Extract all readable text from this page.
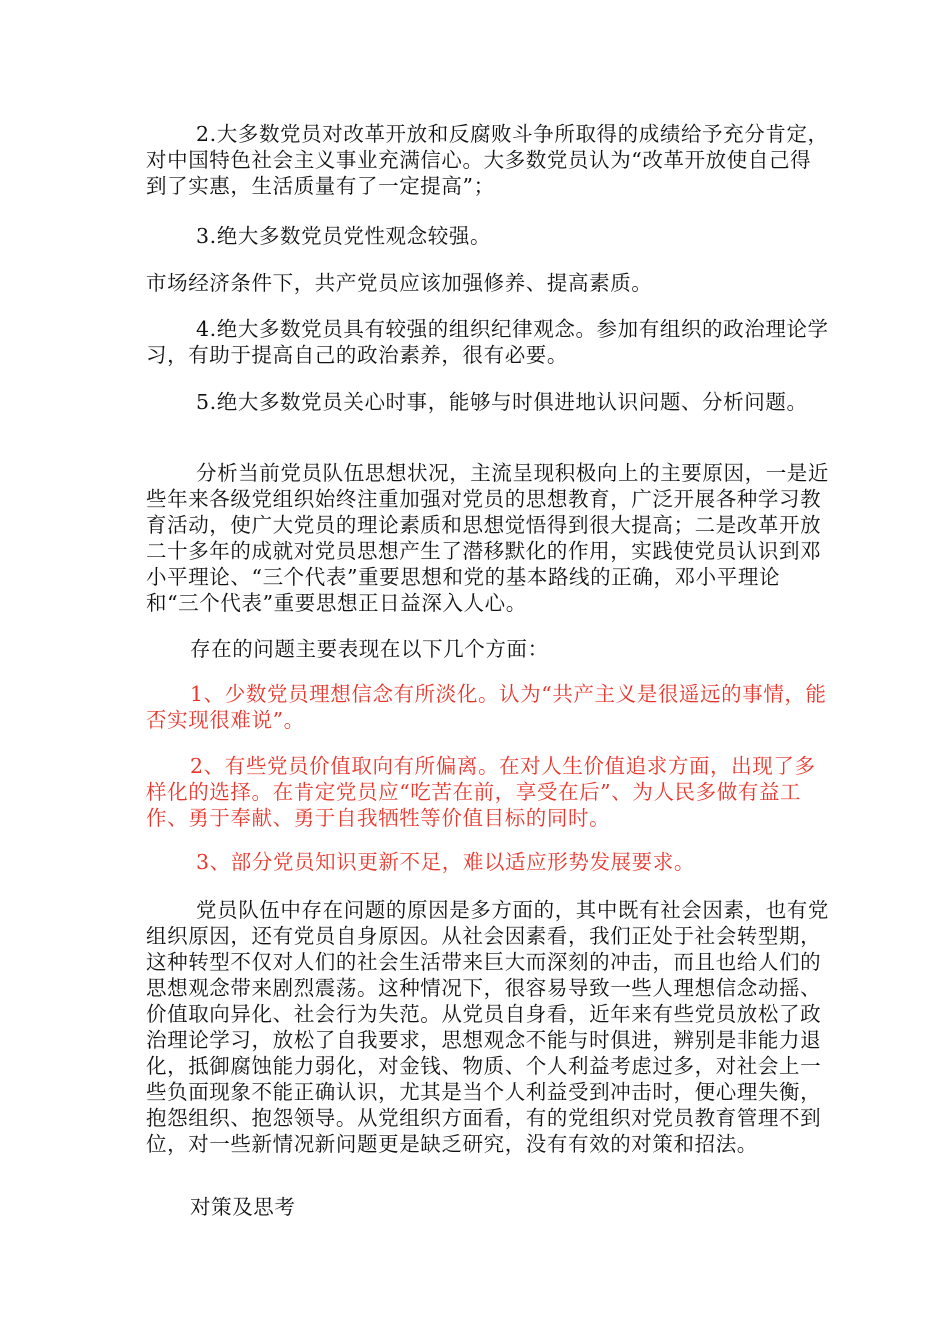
2.大多数党员对改革开放和反腐败斗争所取得的成绩给予充分肯定，对中国特色社会主义事业充满信心。大多数党员认为“改革开放使自己得到了实惠，生活质量有了一定提高”；

3.绝大多数党员党性观念较强。

市场经济条件下，共产党员应该加强修养、提高素质。

4.绝大多数党员具有较强的组织纪律观念。参加有组织的政治理论学习，有助于提高自己的政治素养，很有必要。

5.绝大多数党员关心时事，能够与时俱进地认识问题、分析问题。

分析当前党员队伍思想状况，主流呈现积极向上的主要原因，一是近些年来各级党组织始终注重加强对党员的思想教育，广泛开展各种学习教育活动，使广大党员的理论素质和思想觉悟得到很大提高；二是改革开放二十多年的成就对党员思想产生了潜移默化的作用，实践使党员认识到邓小平理论、“三个代表”重要思想和党的基本路线的正确，邓小平理论和“三个代表”重要思想正日益深入人心。

存在的问题主要表现在以下几个方面：

1、少数党员理想信念有所淡化。认为“共产主义是很遥远的事情，能否实现很难说”。

2、有些党员价值取向有所偏离。在对人生价值追求方面，出现了多样化的选择。在肯定党员应“吃苦在前，享受在后”、为人民多做有益工作、勇于奉献、勇于自我牺牲等价值目标的同时。

3、部分党员知识更新不足，难以适应形势发展要求。

党员队伍中存在问题的原因是多方面的，其中既有社会因素，也有党组织原因，还有党员自身原因。从社会因素看，我们正处于社会转型期，这种转型不仅对人们的社会生活带来巨大而深刻的冲击，而且也给人们的思想观念带来剧烈震荡。这种情况下，很容易导致一些人理想信念动摇、价值取向异化、社会行为失范。从党员自身看，近年来有些党员放松了政治理论学习，放松了自我要求，思想观念不能与时俱进，辨别是非能力退化，抵御腐蚀能力弱化，对金钱、物质、个人利益考虑过多，对社会上一些负面现象不能正确认识，尤其是当个人利益受到冲击时，便心理失衡，抱怨组织、抱怨领导。从党组织方面看，有的党组织对党员教育管理不到位，对一些新情况新问题更是缺乏研究，没有有效的对策和招法。

对策及思考
